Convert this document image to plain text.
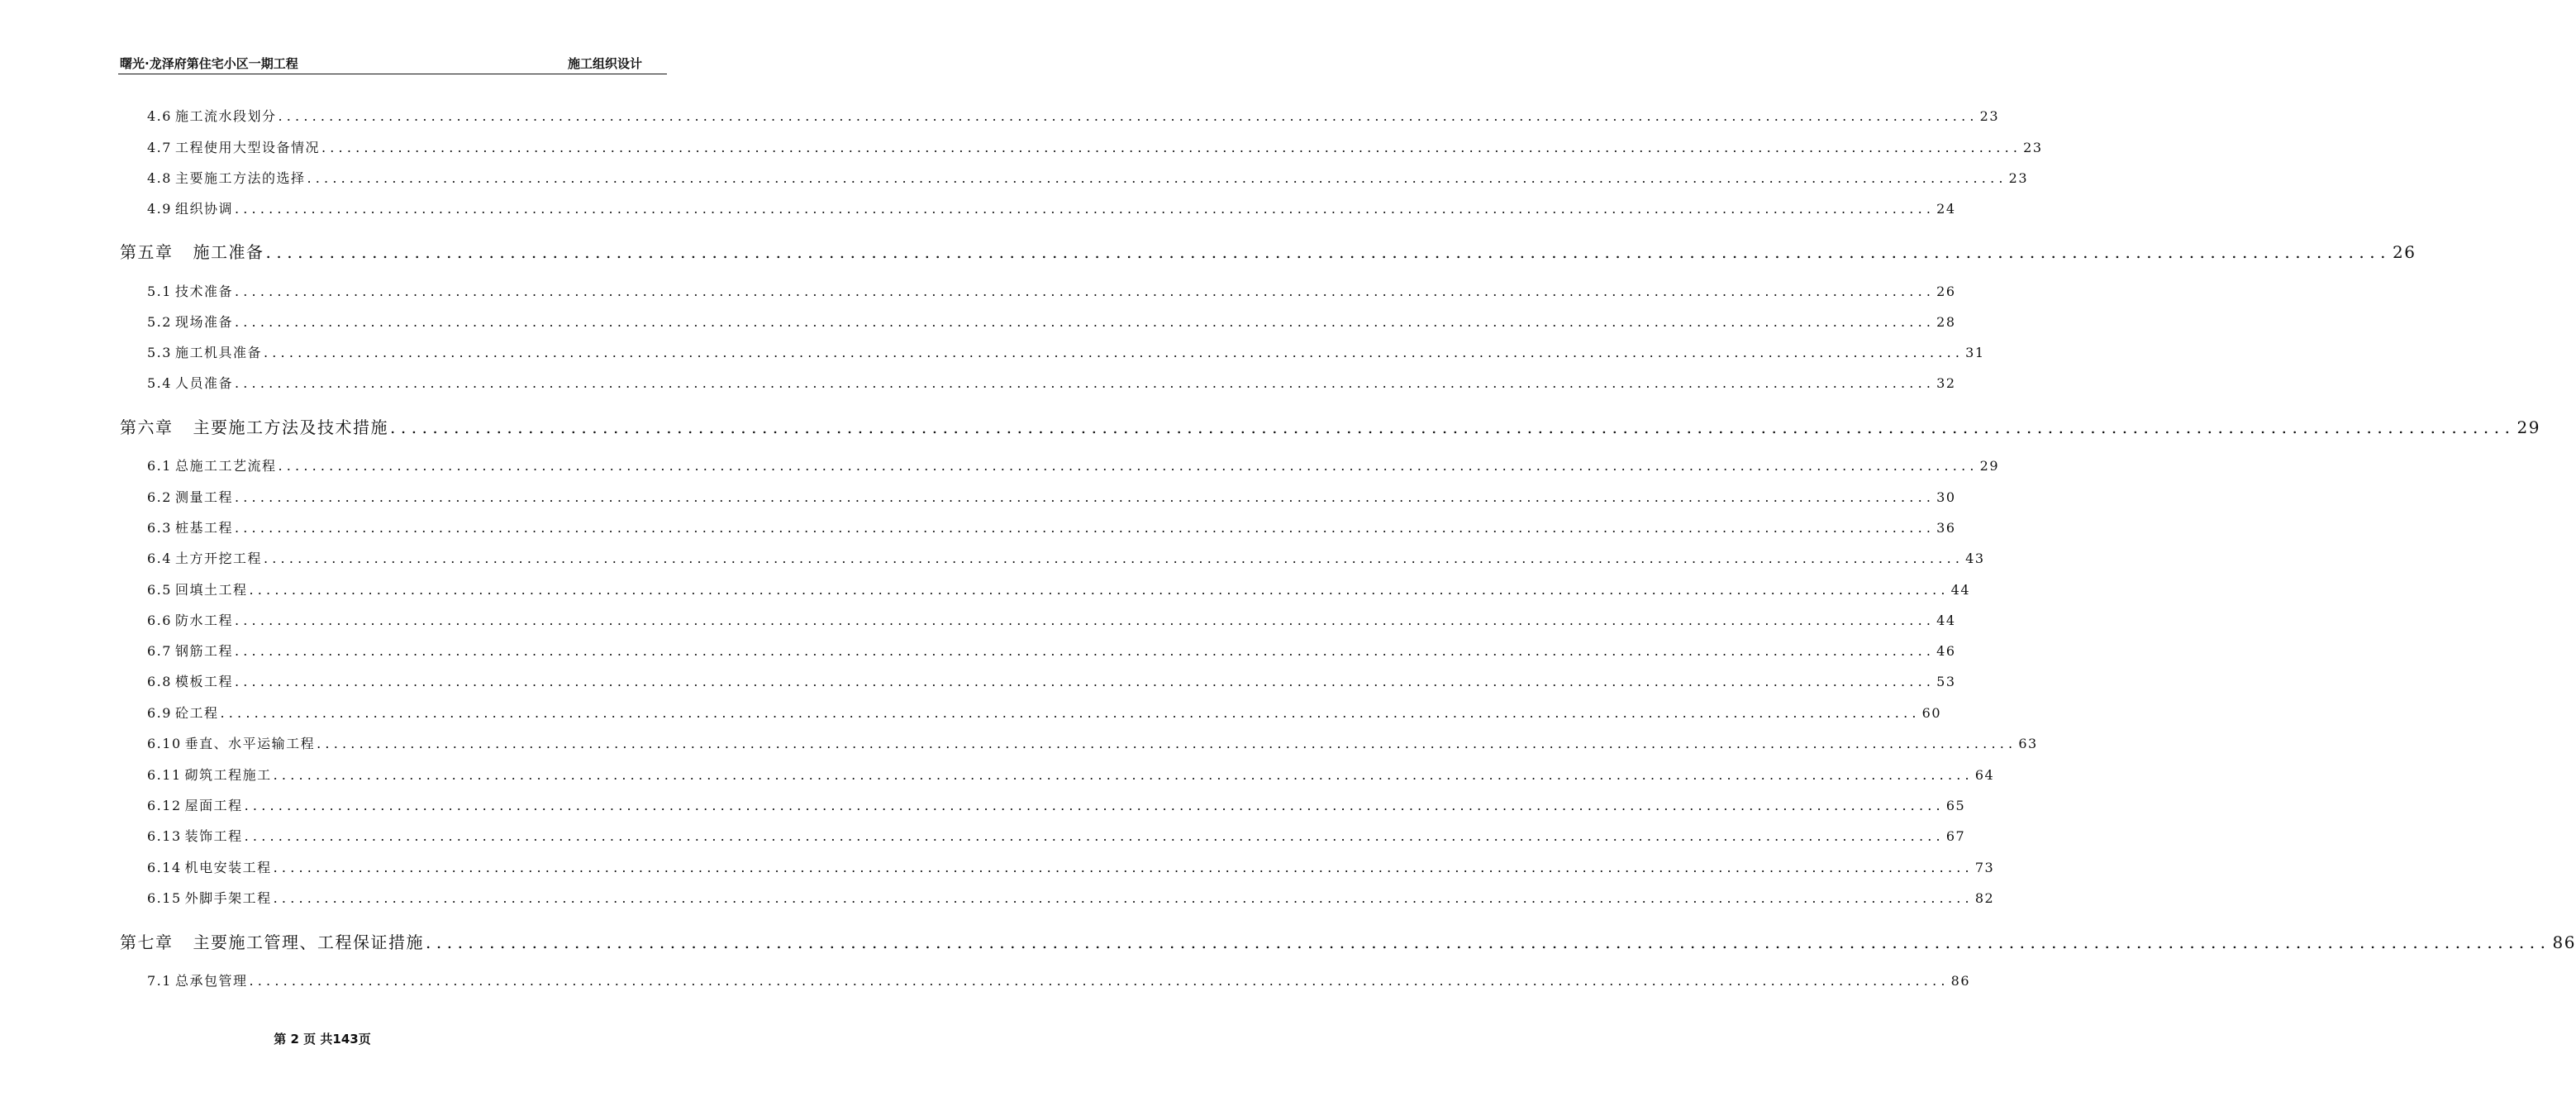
曙光·龙泽府第住宅小区一期工程	施工组织设计
4.6 施工流水段划分 ........................................................................................................................................................................................................ 23
4.7 工程使用大型设备情况 ........................................................................................................................................................................................................ 23
4.8 主要施工方法的选择 ........................................................................................................................................................................................................ 23
4.9 组织协调 ........................................................................................................................................................................................................ 24
第五章 施工准备 ........................................................................................................................................................................................................ 26
5.1 技术准备 ........................................................................................................................................................................................................ 26
5.2 现场准备 ........................................................................................................................................................................................................ 28
5.3 施工机具准备 ........................................................................................................................................................................................................ 31
5.4 人员准备 ........................................................................................................................................................................................................ 32
第六章 主要施工方法及技术措施 ........................................................................................................................................................................................................ 29
6.1 总施工工艺流程 ........................................................................................................................................................................................................ 29
6.2 测量工程 ........................................................................................................................................................................................................ 30
6.3 桩基工程 ........................................................................................................................................................................................................ 36
6.4 土方开挖工程 ........................................................................................................................................................................................................ 43
6.5 回填土工程 ........................................................................................................................................................................................................ 44
6.6 防水工程 ........................................................................................................................................................................................................ 44
6.7 钢筋工程 ........................................................................................................................................................................................................ 46
6.8 模板工程 ........................................................................................................................................................................................................ 53
6.9 砼工程 ........................................................................................................................................................................................................ 60
6.10 垂直、水平运输工程 ........................................................................................................................................................................................................ 63
6.11 砌筑工程施工 ........................................................................................................................................................................................................ 64
6.12 屋面工程 ........................................................................................................................................................................................................ 65
6.13 装饰工程 ........................................................................................................................................................................................................ 67
6.14 机电安装工程 ........................................................................................................................................................................................................ 73
6.15 外脚手架工程 ........................................................................................................................................................................................................ 82
第七章 主要施工管理、工程保证措施 ........................................................................................................................................................................................................ 86
7.1 总承包管理 ........................................................................................................................................................................................................ 86
第 2 页 共143页
